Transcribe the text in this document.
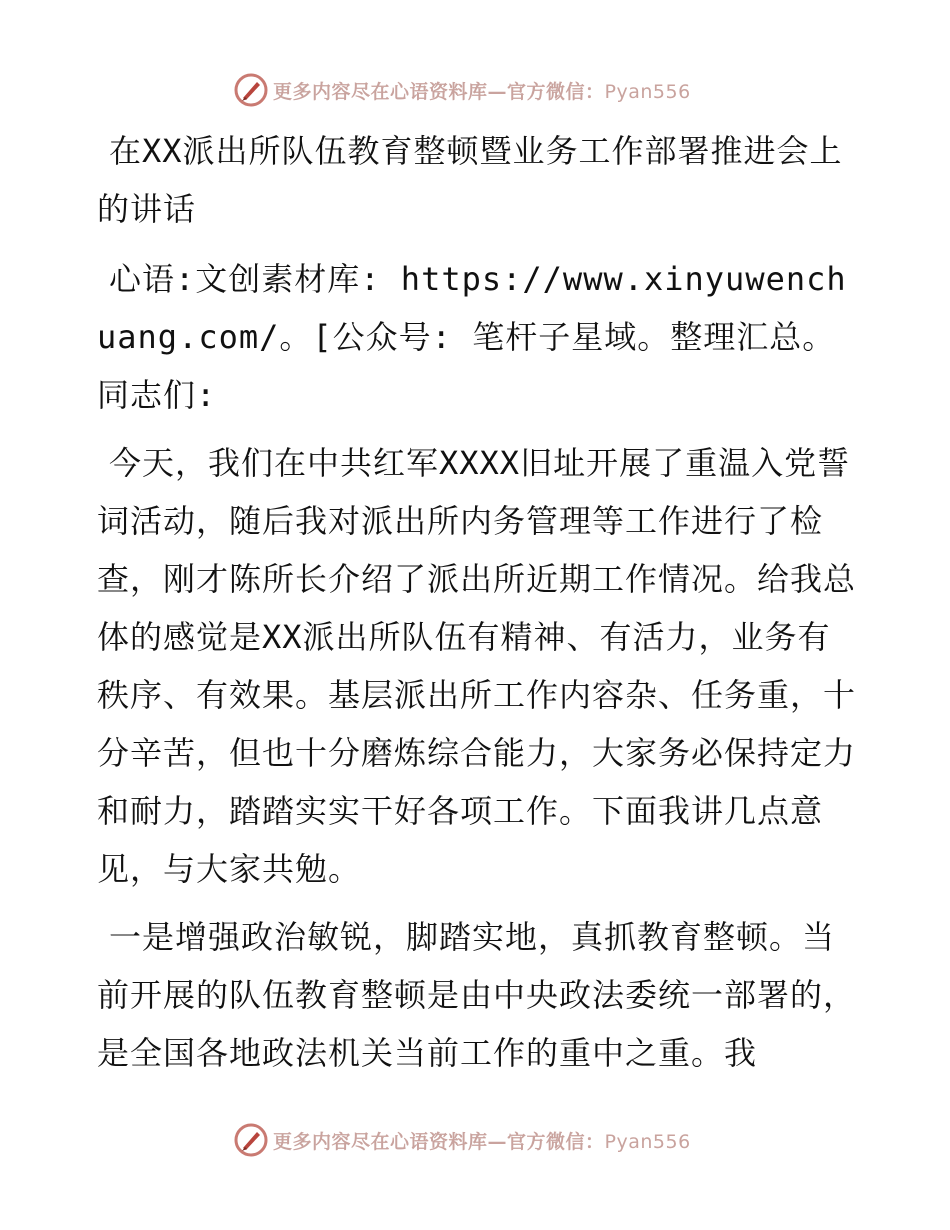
更多内容尽在心语资料库—官方微信：Pyan556

在XX派出所队伍教育整顿暨业务工作部署推进会上的讲话

心语:文创素材库: https://www.xinyuwenchuang.com/。[公众号: 笔杆子星域。整理汇总。同志们:

今天，我们在中共红军XXXX旧址开展了重温入党誓词活动，随后我对派出所内务管理等工作进行了检查，刚才陈所长介绍了派出所近期工作情况。给我总体的感觉是XX派出所队伍有精神、有活力，业务有秩序、有效果。基层派出所工作内容杂、任务重，十分辛苦，但也十分磨炼综合能力，大家务必保持定力和耐力，踏踏实实干好各项工作。下面我讲几点意见，与大家共勉。

一是增强政治敏锐，脚踏实地，真抓教育整顿。当前开展的队伍教育整顿是由中央政法委统一部署的，是全国各地政法机关当前工作的重中之重。我

更多内容尽在心语资料库—官方微信：Pyan556
